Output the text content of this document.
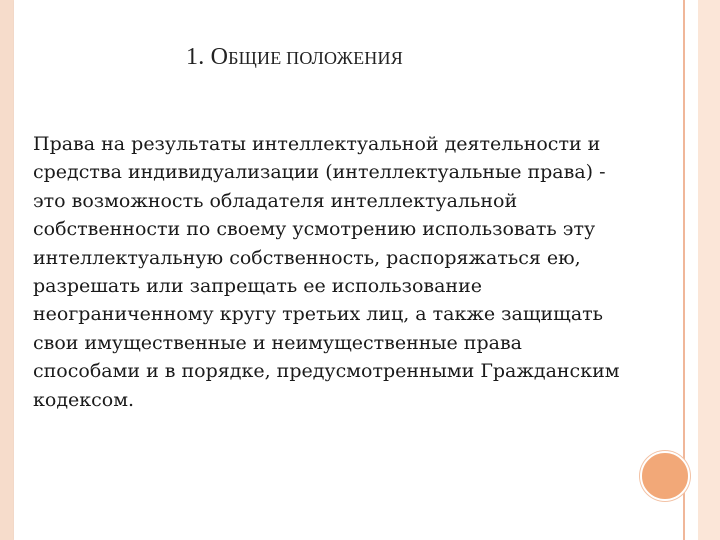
1. ОБЩИЕ ПОЛОЖЕНИЯ
Права на результаты интеллектуальной деятельности и
средства индивидуализации (интеллектуальные права) -
это возможность обладателя интеллектуальной
собственности по своему усмотрению использовать эту
интеллектуальную собственность, распоряжаться ею,
разрешать или запрещать ее использование
неограниченному кругу третьих лиц, а также защищать
свои имущественные и неимущественные права
способами и в порядке, предусмотренными Гражданским
кодексом.
